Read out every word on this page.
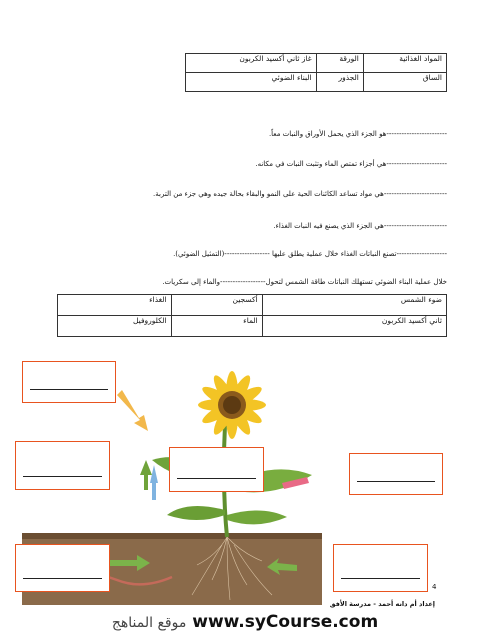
المواد الغذائية	الورقة	غاز ثاني أكسيد الكربون
الساق	الجذور	البناء الضوئي
------------------------هو الجزء الذي يحمل الأوراق والنبات معاً.
------------------------هي أجزاء تمتص الماء وتثبت النبات في مكانه.
-------------------------هي مواد تساعد الكائنات الحية على النمو والبقاء بحالة جيده وهي جزء من التربة.
-------------------------هي الجزء الذي يصنع فيه النبات الغذاء.
--------------------تصنع النباتات الغذاء خلال عملية يطلق عليها ------------------(التمثيل الضوئي).
خلال عملية البناء الضوئي تستهلك النباتات طاقة الشمس لتحول------------------والماء إلى سكريات.
ضوء الشمس	أكسجين	الغذاء
ثاني أكسيد الكربون	الماء	الكلوروفيل
4
إعداد أم دانه أحمد - مدرسة الأفق
موقع المناهج www.syCourse.com
